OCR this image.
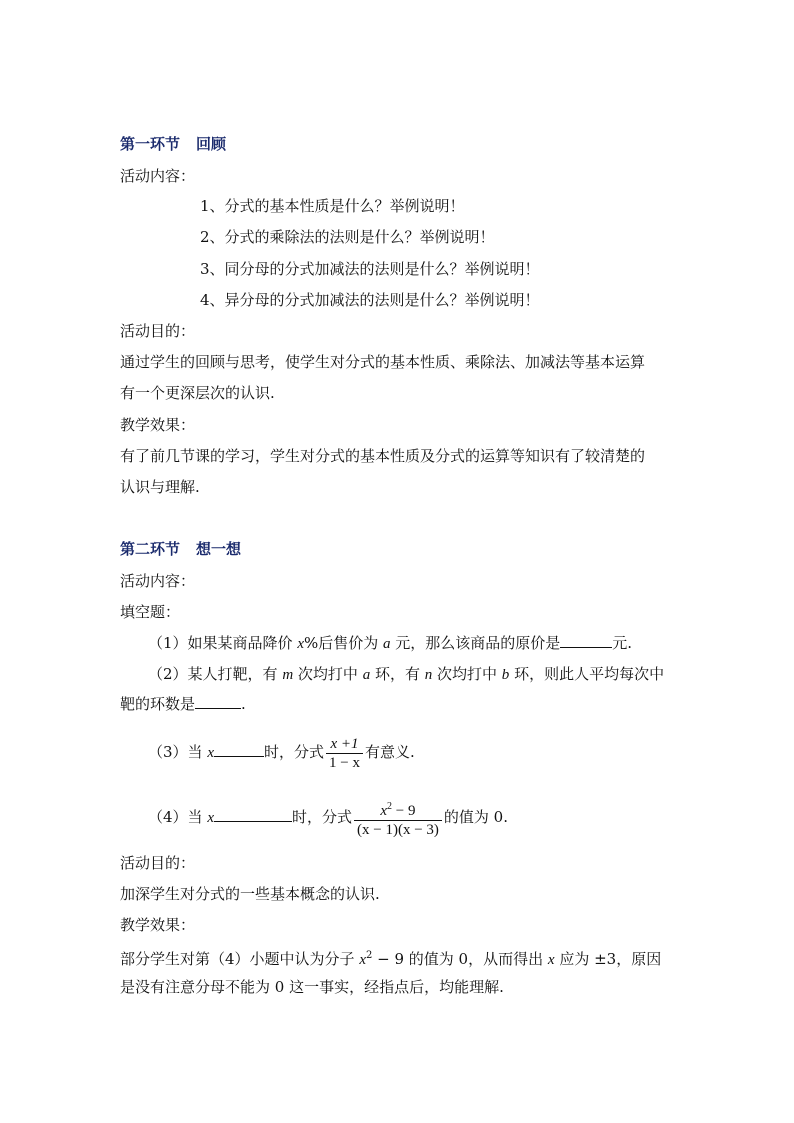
第一环节 回顾
活动内容：
1、分式的基本性质是什么？举例说明！
2、分式的乘除法的法则是什么？举例说明！
3、同分母的分式加减法的法则是什么？举例说明！
4、异分母的分式加减法的法则是什么？举例说明！
活动目的：
通过学生的回顾与思考，使学生对分式的基本性质、乘除法、加减法等基本运算
有一个更深层次的认识.
教学效果：
有了前几节课的学习，学生对分式的基本性质及分式的运算等知识有了较清楚的
认识与理解.
第二环节 想一想
活动内容：
填空题：
（1）如果某商品降价 x%后售价为 a 元，那么该商品的原价是	元.
（2）某人打靶，有 m 次均打中 a 环，有 n 次均打中 b 环，则此人平均每次中
靶的环数是	.
（3）当 x	时，分式 $\frac{x +1}{1 - x}$ 有意义.
（4）当 x	时，分式 $\frac{x^2 - 9}{(x - 1)(x - 3)}$ 的值为 0.
活动目的：
加深学生对分式的一些基本概念的认识.
教学效果：
部分学生对第（4）小题中认为分子 $x^2 - 9$ 的值为 0，从而得出 x 应为 ±3，原因
是没有注意分母不能为 0 这一事实，经指点后，均能理解.
